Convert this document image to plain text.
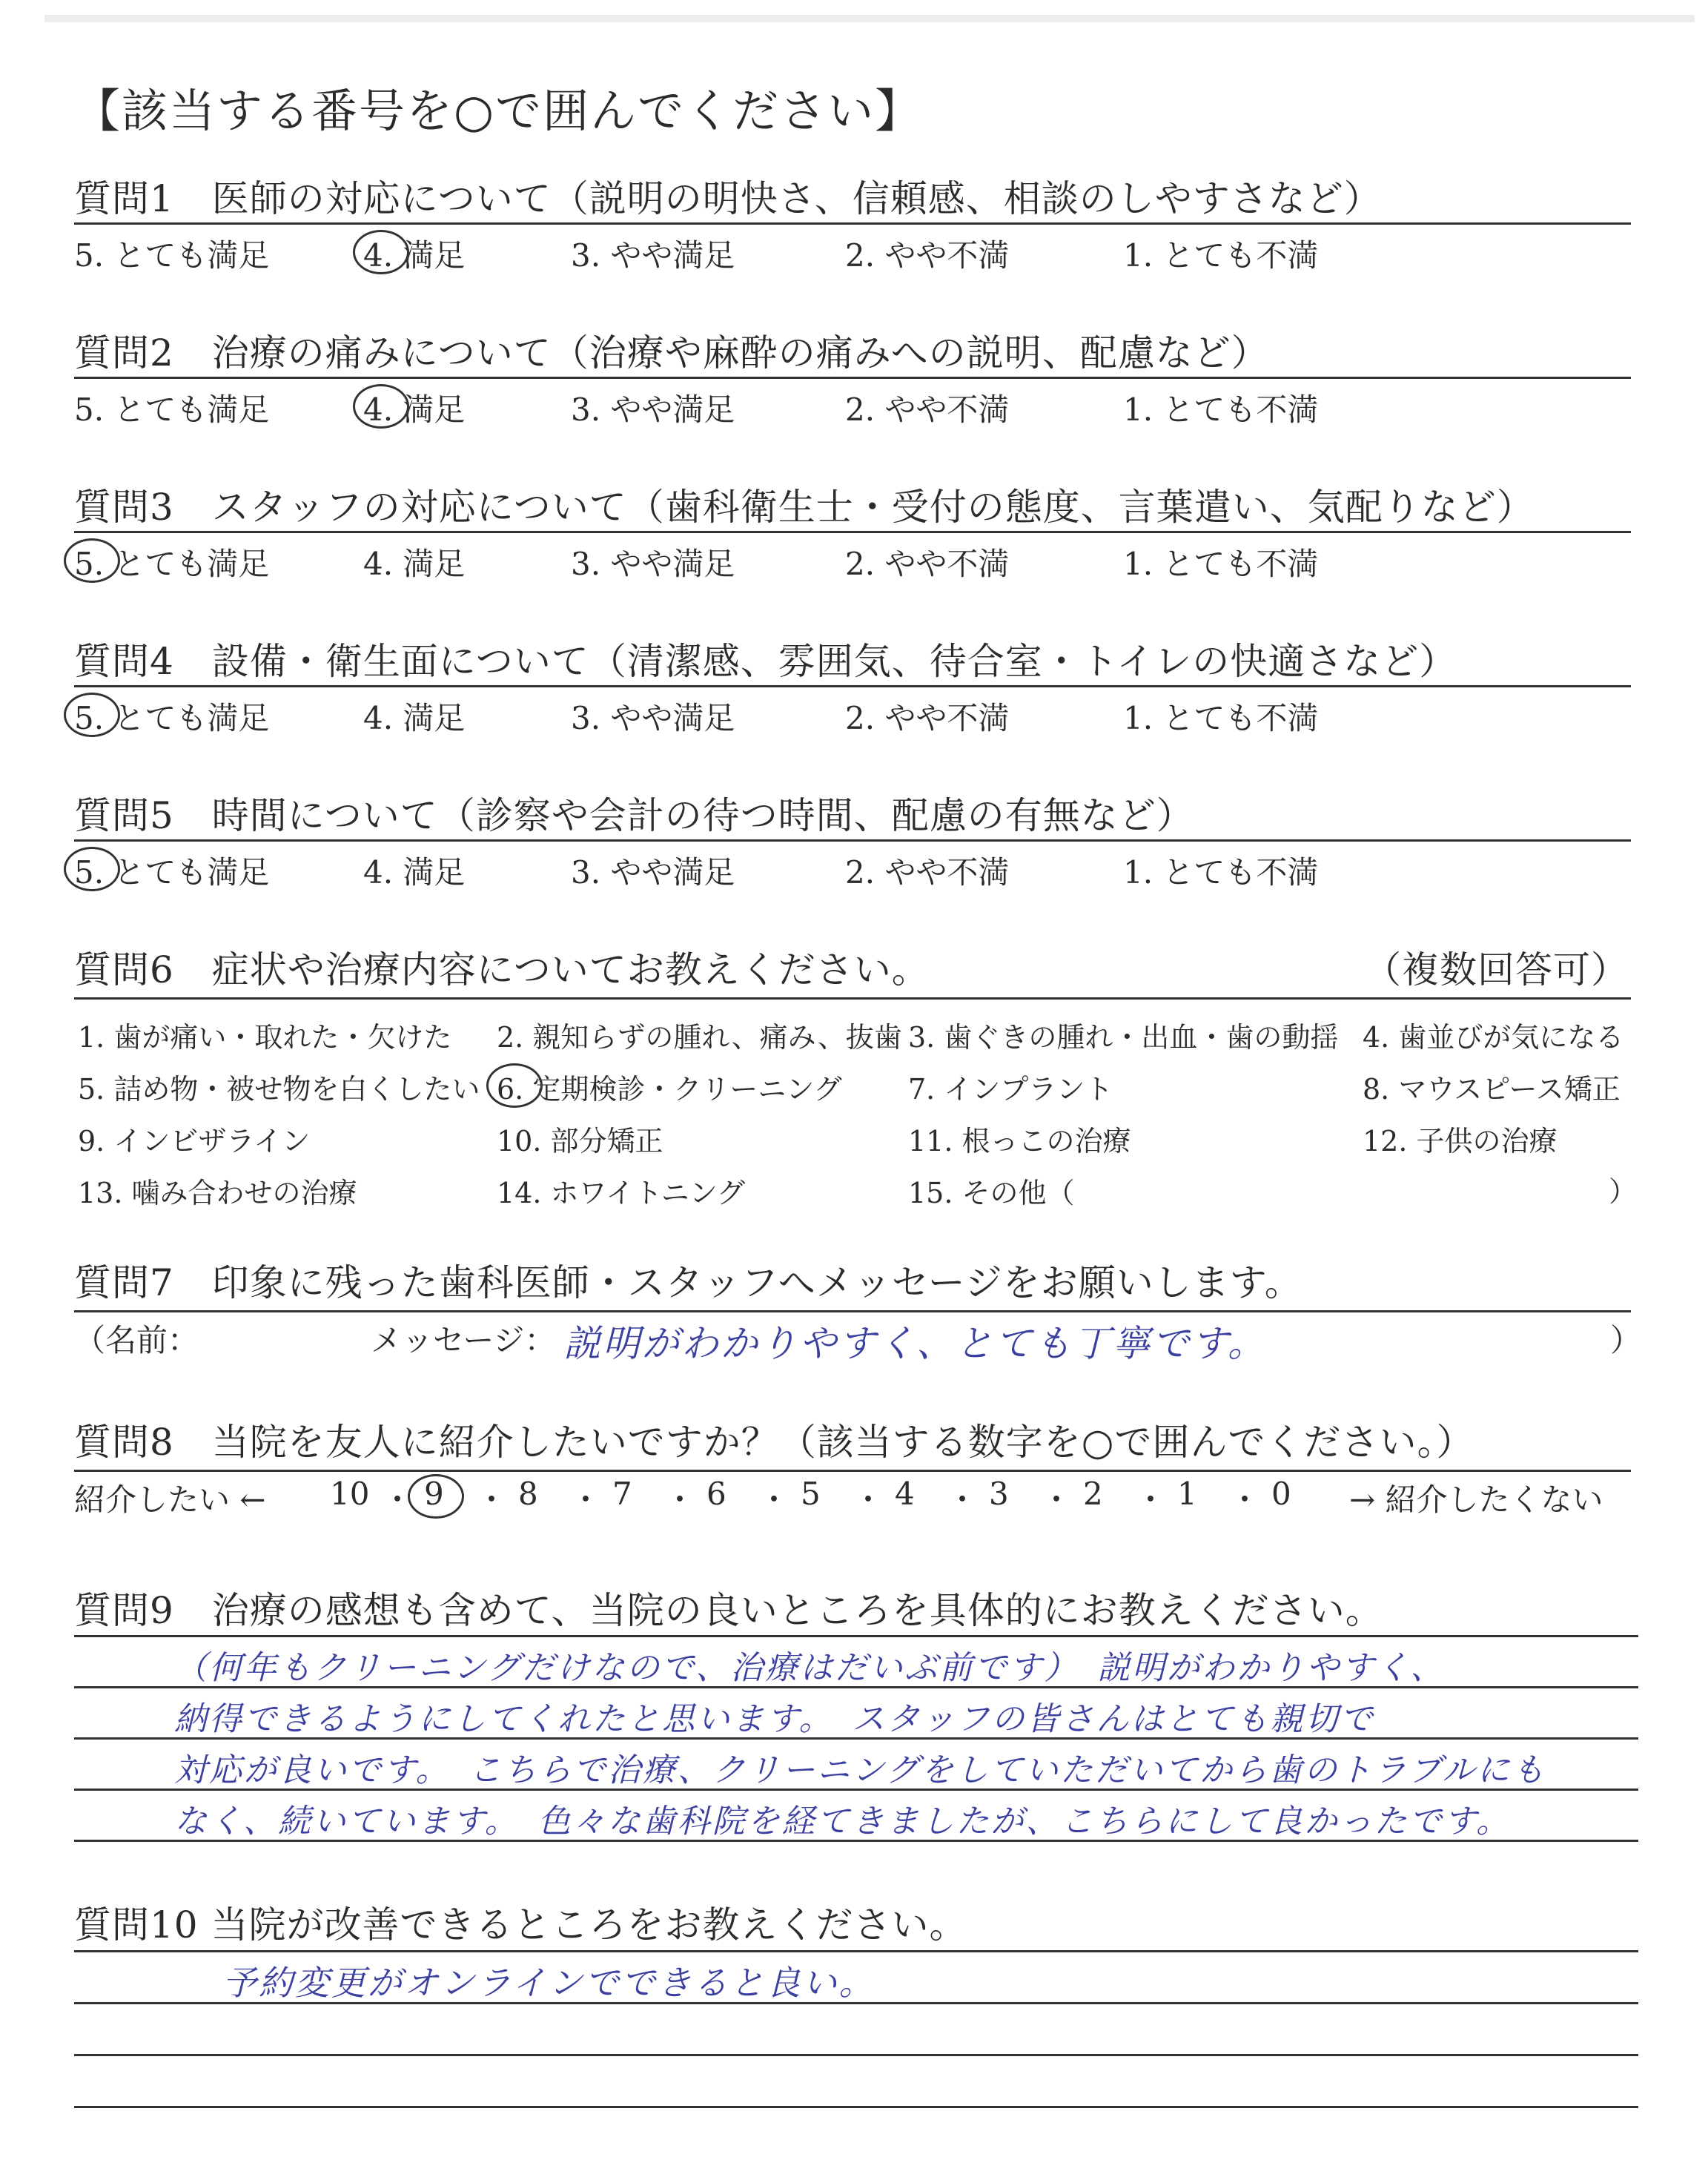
【該当する番号を○で囲んでください】
質問1　医師の対応について（説明の明快さ、信頼感、相談のしやすさなど）
5. とても満足	4. 満足	3. やや満足	2. やや不満	1. とても不満
質問2　治療の痛みについて（治療や麻酔の痛みへの説明、配慮など）
5. とても満足	4. 満足	3. やや満足	2. やや不満	1. とても不満
質問3　スタッフの対応について（歯科衛生士・受付の態度、言葉遣い、気配りなど）
5. とても満足	4. 満足	3. やや満足	2. やや不満	1. とても不満
質問4　設備・衛生面について（清潔感、雰囲気、待合室・トイレの快適さなど）
5. とても満足	4. 満足	3. やや満足	2. やや不満	1. とても不満
質問5　時間について（診察や会計の待つ時間、配慮の有無など）
5. とても満足	4. 満足	3. やや満足	2. やや不満	1. とても不満
質問6　症状や治療内容についてお教えください。	（複数回答可）
1. 歯が痛い・取れた・欠けた 2. 親知らずの腫れ、痛み、抜歯 3. 歯ぐきの腫れ・出血・歯の動揺 4. 歯並びが気になる
5. 詰め物・被せ物を白くしたい 6. 定期検診・クリーニング 7. インプラント	8. マウスピース矯正
9. インビザライン	10. 部分矯正	11. 根っこの治療	12. 子供の治療
13. 噛み合わせの治療	14. ホワイトニング	15. その他（	）
質問7　印象に残った歯科医師・スタッフへメッセージをお願いします。
（名前：	メッセージ： 説明がわかりやすく、とても丁寧です。	）
質問8　当院を友人に紹介したいですか？（該当する数字を○で囲んでください。）
紹介したい ←	→ 紹介したくない
10 ・ 9 ・ 8 ・ 7 ・ 6 ・ 5 ・ 4 ・ 3 ・ 2 ・ 1 ・ 0
質問9　治療の感想も含めて、当院の良いところを具体的にお教えください。
（何年もクリーニングだけなので、治療はだいぶ前です）　説明がわかりやすく、
納得できるようにしてくれたと思います。　スタッフの皆さんはとても親切で
対応が良いです。　こちらで治療、クリーニングをしていただいてから歯のトラブルにも
なく、続いています。　色々な歯科院を経てきましたが、こちらにして良かったです。
質問10 当院が改善できるところをお教えください。
予約変更がオンラインでできると良い。
